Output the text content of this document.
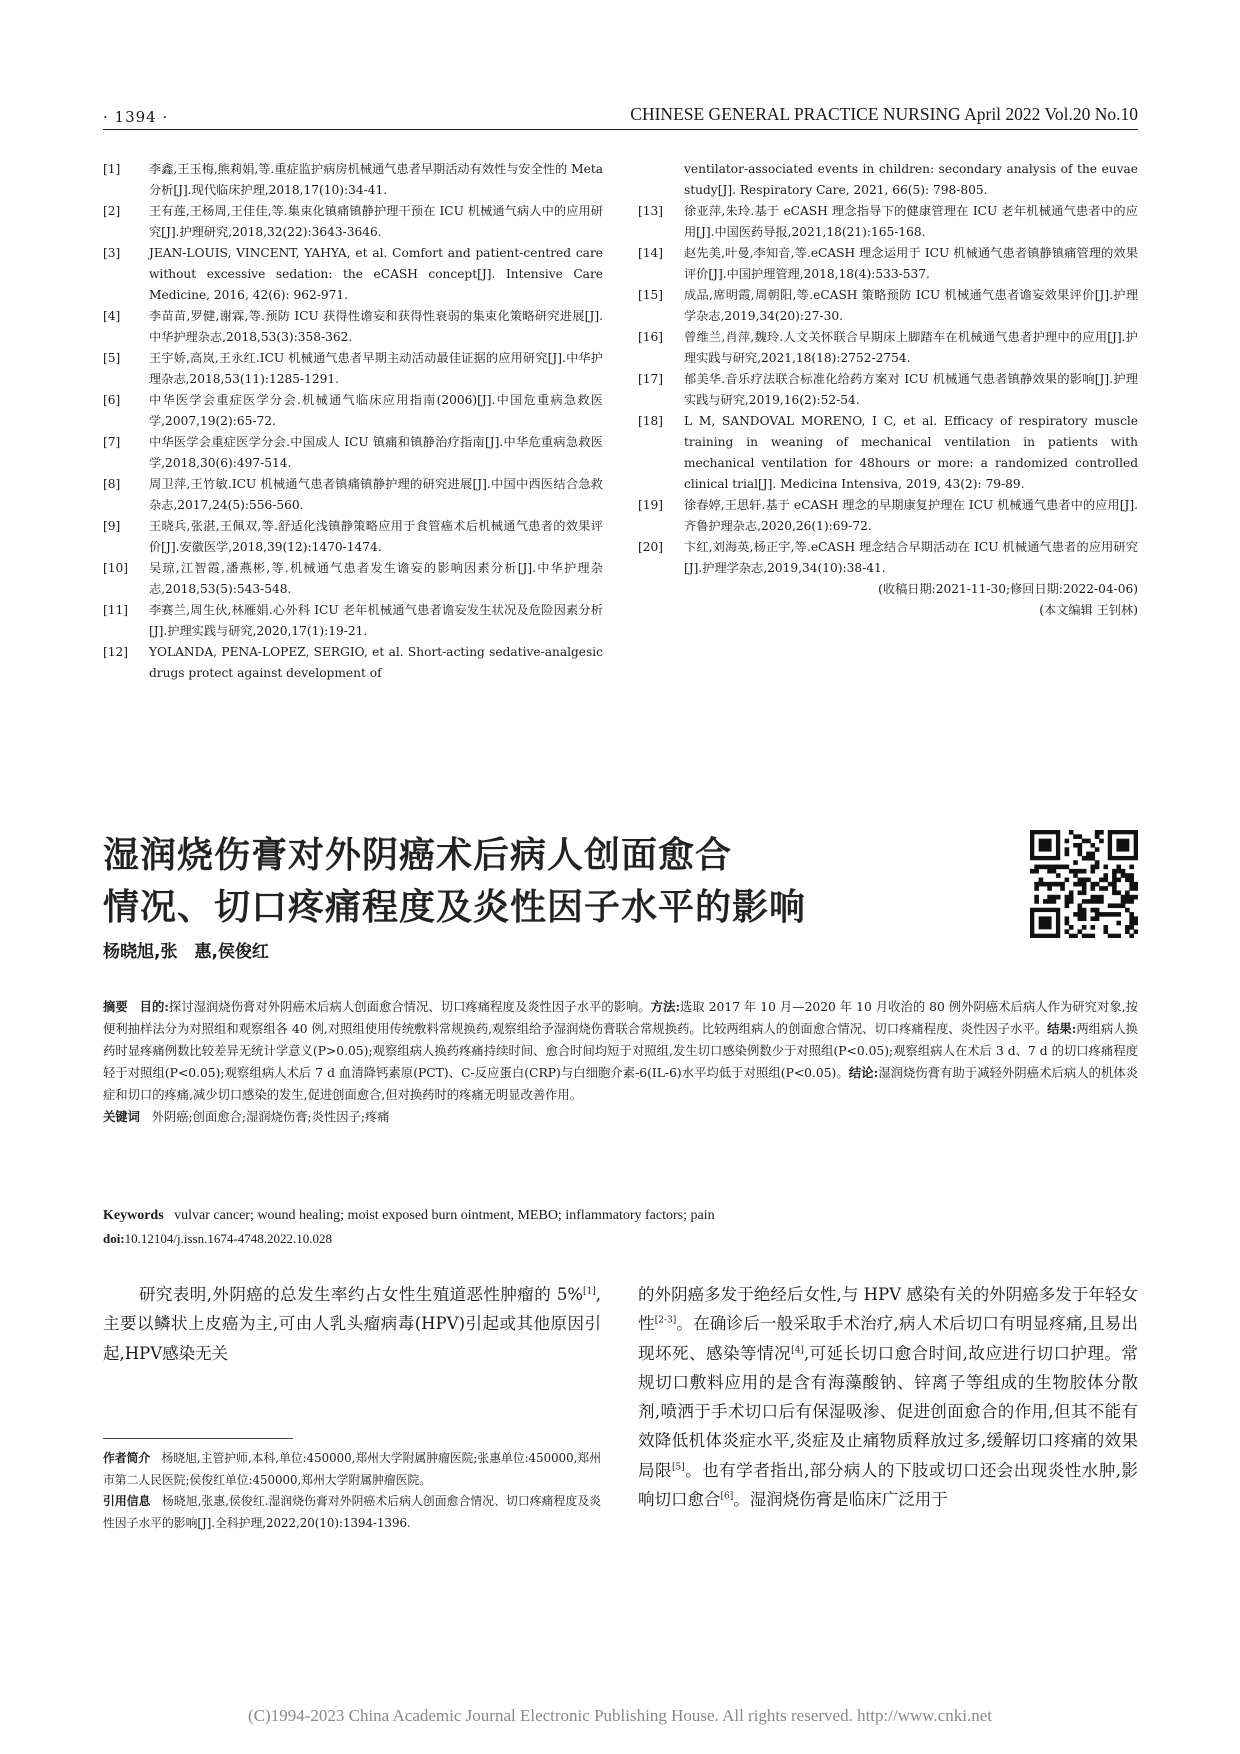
· 1394 ·	CHINESE GENERAL PRACTICE NURSING April 2022 Vol.20 No.10
[1]	李鑫,王玉梅,熊莉娟,等.重症监护病房机械通气患者早期活动有效性与安全性的 Meta 分析[J].现代临床护理,2018,17(10):34-41.
[2]	王有莲,王杨周,王佳佳,等.集束化镇痛镇静护理干预在 ICU 机械通气病人中的应用研究[J].护理研究,2018,32(22):3643-3646.
[3]	JEAN-LOUIS, VINCENT, YAHYA, et al. Comfort and patient-centred care without excessive sedation: the eCASH concept[J]. Intensive Care Medicine, 2016, 42(6): 962-971.
[4]	李苗苗,罗健,谢霖,等.预防 ICU 获得性谵妄和获得性衰弱的集束化策略研究进展[J].中华护理杂志,2018,53(3):358-362.
[5]	王宇娇,高岚,王永红.ICU 机械通气患者早期主动活动最佳证据的应用研究[J].中华护理杂志,2018,53(11):1285-1291.
[6]	中华医学会重症医学分会.机械通气临床应用指南(2006)[J].中国危重病急救医学,2007,19(2):65-72.
[7]	中华医学会重症医学分会.中国成人 ICU 镇痛和镇静治疗指南[J].中华危重病急救医学,2018,30(6):497-514.
[8]	周卫萍,王竹敏.ICU 机械通气患者镇痛镇静护理的研究进展[J].中国中西医结合急救杂志,2017,24(5):556-560.
[9]	王晓兵,张湛,王佩双,等.舒适化浅镇静策略应用于食管癌术后机械通气患者的效果评价[J].安徽医学,2018,39(12):1470-1474.
[10]	吴琼,江智霞,潘燕彬,等.机械通气患者发生谵妄的影响因素分析[J].中华护理杂志,2018,53(5):543-548.
[11]	李赛兰,周生伙,林雁娟.心外科 ICU 老年机械通气患者谵妄发生状况及危险因素分析[J].护理实践与研究,2020,17(1):19-21.
[12]	YOLANDA, PENA-LOPEZ, SERGIO, et al. Short-acting sedative-analgesic drugs protect against development of
ventilator-associated events in children: secondary analysis of the euvae study[J]. Respiratory Care, 2021, 66(5): 798-805.
[13]	徐亚萍,朱玲.基于 eCASH 理念指导下的健康管理在 ICU 老年机械通气患者中的应用[J].中国医药导报,2021,18(21):165-168.
[14]	赵先美,叶曼,李知音,等.eCASH 理念运用于 ICU 机械通气患者镇静镇痛管理的效果评价[J].中国护理管理,2018,18(4):533-537.
[15]	成品,席明霞,周朝阳,等.eCASH 策略预防 ICU 机械通气患者谵妄效果评价[J].护理学杂志,2019,34(20):27-30.
[16]	曾维兰,肖萍,魏玲.人文关怀联合早期床上脚踏车在机械通气患者护理中的应用[J].护理实践与研究,2021,18(18):2752-2754.
[17]	郁美华.音乐疗法联合标准化给药方案对 ICU 机械通气患者镇静效果的影响[J].护理实践与研究,2019,16(2):52-54.
[18]	L M, SANDOVAL MORENO, I C, et al. Efficacy of respiratory muscle training in weaning of mechanical ventilation in patients with mechanical ventilation for 48hours or more: a randomized controlled clinical trial[J]. Medicina Intensiva, 2019, 43(2): 79-89.
[19]	徐春婷,王思轩.基于 eCASH 理念的早期康复护理在 ICU 机械通气患者中的应用[J].齐鲁护理杂志,2020,26(1):69-72.
[20]	卞红,刘海英,杨正宇,等.eCASH 理念结合早期活动在 ICU 机械通气患者的应用研究[J].护理学杂志,2019,34(10):38-41.
(收稿日期:2021-11-30;修回日期:2022-04-06)
(本文编辑 王钊林)
湿润烧伤膏对外阴癌术后病人创面愈合
情况、切口疼痛程度及炎性因子水平的影响
杨晓旭,张　惠,侯俊红
摘要 目的:探讨湿润烧伤膏对外阴癌术后病人创面愈合情况、切口疼痛程度及炎性因子水平的影响。方法:选取 2017 年 10 月—2020 年 10 月收治的 80 例外阴癌术后病人作为研究对象,按便利抽样法分为对照组和观察组各 40 例,对照组使用传统敷料常规换药,观察组给予湿润烧伤膏联合常规换药。比较两组病人的创面愈合情况、切口疼痛程度、炎性因子水平。结果:两组病人换药时显疼痛例数比较差异无统计学意义(P>0.05);观察组病人换药疼痛持续时间、愈合时间均短于对照组,发生切口感染例数少于对照组(P<0.05);观察组病人在术后 3 d、7 d 的切口疼痛程度轻于对照组(P<0.05);观察组病人术后 7 d 血清降钙素原(PCT)、C-反应蛋白(CRP)与白细胞介素-6(IL-6)水平均低于对照组(P<0.05)。结论:湿润烧伤膏有助于减轻外阴癌术后病人的机体炎症和切口的疼痛,减少切口感染的发生,促进创面愈合,但对换药时的疼痛无明显改善作用。
关键词 外阴癌;创面愈合;湿润烧伤膏;炎性因子;疼痛
Keywords vulvar cancer; wound healing; moist exposed burn ointment, MEBO; inflammatory factors; pain
doi:10.12104/j.issn.1674-4748.2022.10.028
研究表明,外阴癌的总发生率约占女性生殖道恶性肿瘤的 5%[1],主要以鳞状上皮癌为主,可由人乳头瘤病毒(HPV)引起或其他原因引起,HPV感染无关
的外阴癌多发于绝经后女性,与 HPV 感染有关的外阴癌多发于年轻女性[2-3]。在确诊后一般采取手术治疗,病人术后切口有明显疼痛,且易出现坏死、感染等情况[4],可延长切口愈合时间,故应进行切口护理。常规切口敷料应用的是含有海藻酸钠、锌离子等组成的生物胶体分散剂,喷洒于手术切口后有保湿吸渗、促进创面愈合的作用,但其不能有效降低机体炎症水平,炎症及止痛物质释放过多,缓解切口疼痛的效果局限[5]。也有学者指出,部分病人的下肢或切口还会出现炎性水肿,影响切口愈合[6]。湿润烧伤膏是临床广泛用于
作者简介 杨晓旭,主管护师,本科,单位:450000,郑州大学附属肿瘤医院;张惠单位:450000,郑州市第二人民医院;侯俊红单位:450000,郑州大学附属肿瘤医院。
引用信息 杨晓旭,张惠,侯俊红.湿润烧伤膏对外阴癌术后病人创面愈合情况、切口疼痛程度及炎性因子水平的影响[J].全科护理,2022,20(10):1394-1396.
(C)1994-2023 China Academic Journal Electronic Publishing House. All rights reserved. http://www.cnki.net
